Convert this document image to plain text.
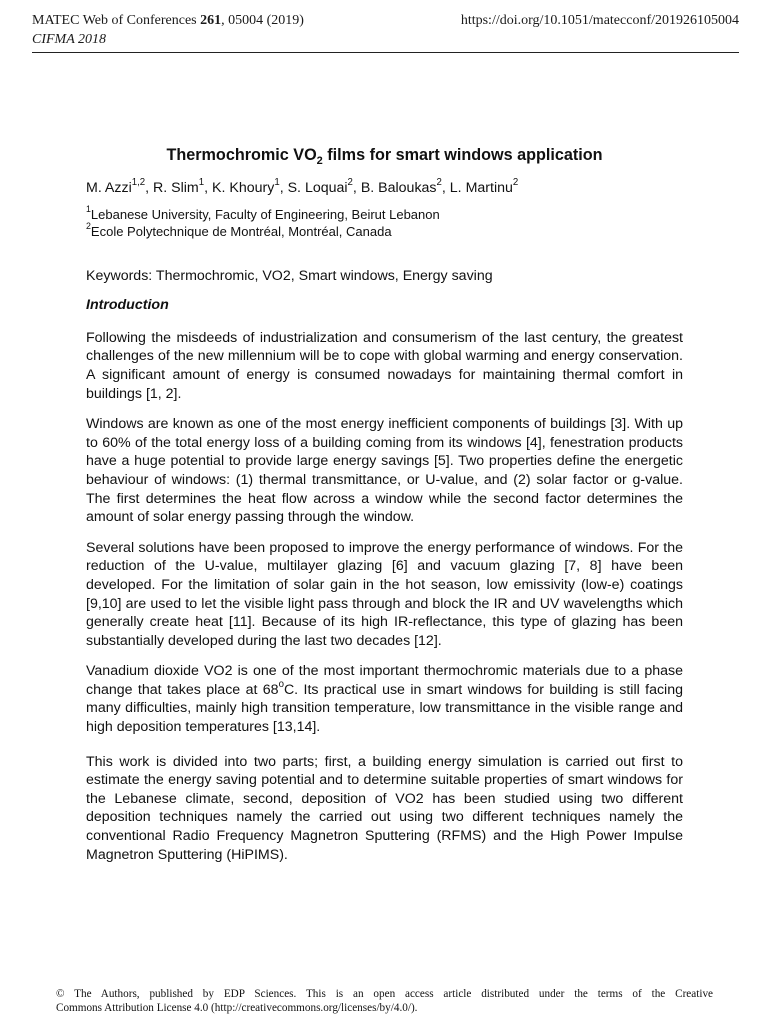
MATEC Web of Conferences 261, 05004 (2019)	https://doi.org/10.1051/matecconf/201926105004
CIFMA 2018
Thermochromic $VO_2$ films for smart windows application
M. Azzi$^{1,2}$, R. Slim$^1$, K. Khoury$^1$, S. Loquai$^2$, B. Baloukas$^2$, L. Martinu$^2$
$^1$Lebanese University, Faculty of Engineering, Beirut Lebanon
$^2$Ecole Polytechnique de Montréal, Montréal, Canada
Keywords: Thermochromic, VO2, Smart windows, Energy saving
Introduction
Following the misdeeds of industrialization and consumerism of the last century, the greatest challenges of the new millennium will be to cope with global warming and energy conservation. A significant amount of energy is consumed nowadays for maintaining thermal comfort in buildings [1, 2].
Windows are known as one of the most energy inefficient components of buildings [3]. With up to 60% of the total energy loss of a building coming from its windows [4], fenestration products have a huge potential to provide large energy savings [5]. Two properties define the energetic behaviour of windows: (1) thermal transmittance, or U-value, and (2) solar factor or g-value. The first determines the heat flow across a window while the second factor determines the amount of solar energy passing through the window.
Several solutions have been proposed to improve the energy performance of windows. For the reduction of the U-value, multilayer glazing [6] and vacuum glazing [7, 8] have been developed. For the limitation of solar gain in the hot season, low emissivity (low-e) coatings [9,10] are used to let the visible light pass through and block the IR and UV wavelengths which generally create heat [11]. Because of its high IR-reflectance, this type of glazing has been substantially developed during the last two decades [12].
Vanadium dioxide VO2 is one of the most important thermochromic materials due to a phase change that takes place at 68$^o$C. Its practical use in smart windows for building is still facing many difficulties, mainly high transition temperature, low transmittance in the visible range and high deposition temperatures [13,14].
This work is divided into two parts; first, a building energy simulation is carried out first to estimate the energy saving potential and to determine suitable properties of smart windows for the Lebanese climate, second, deposition of VO2 has been studied using two different deposition techniques namely the carried out using two different techniques namely the conventional Radio Frequency Magnetron Sputtering (RFMS) and the High Power Impulse Magnetron Sputtering (HiPIMS).
© The Authors, published by EDP Sciences. This is an open access article distributed under the terms of the Creative
Commons Attribution License 4.0 (http://creativecommons.org/licenses/by/4.0/).
